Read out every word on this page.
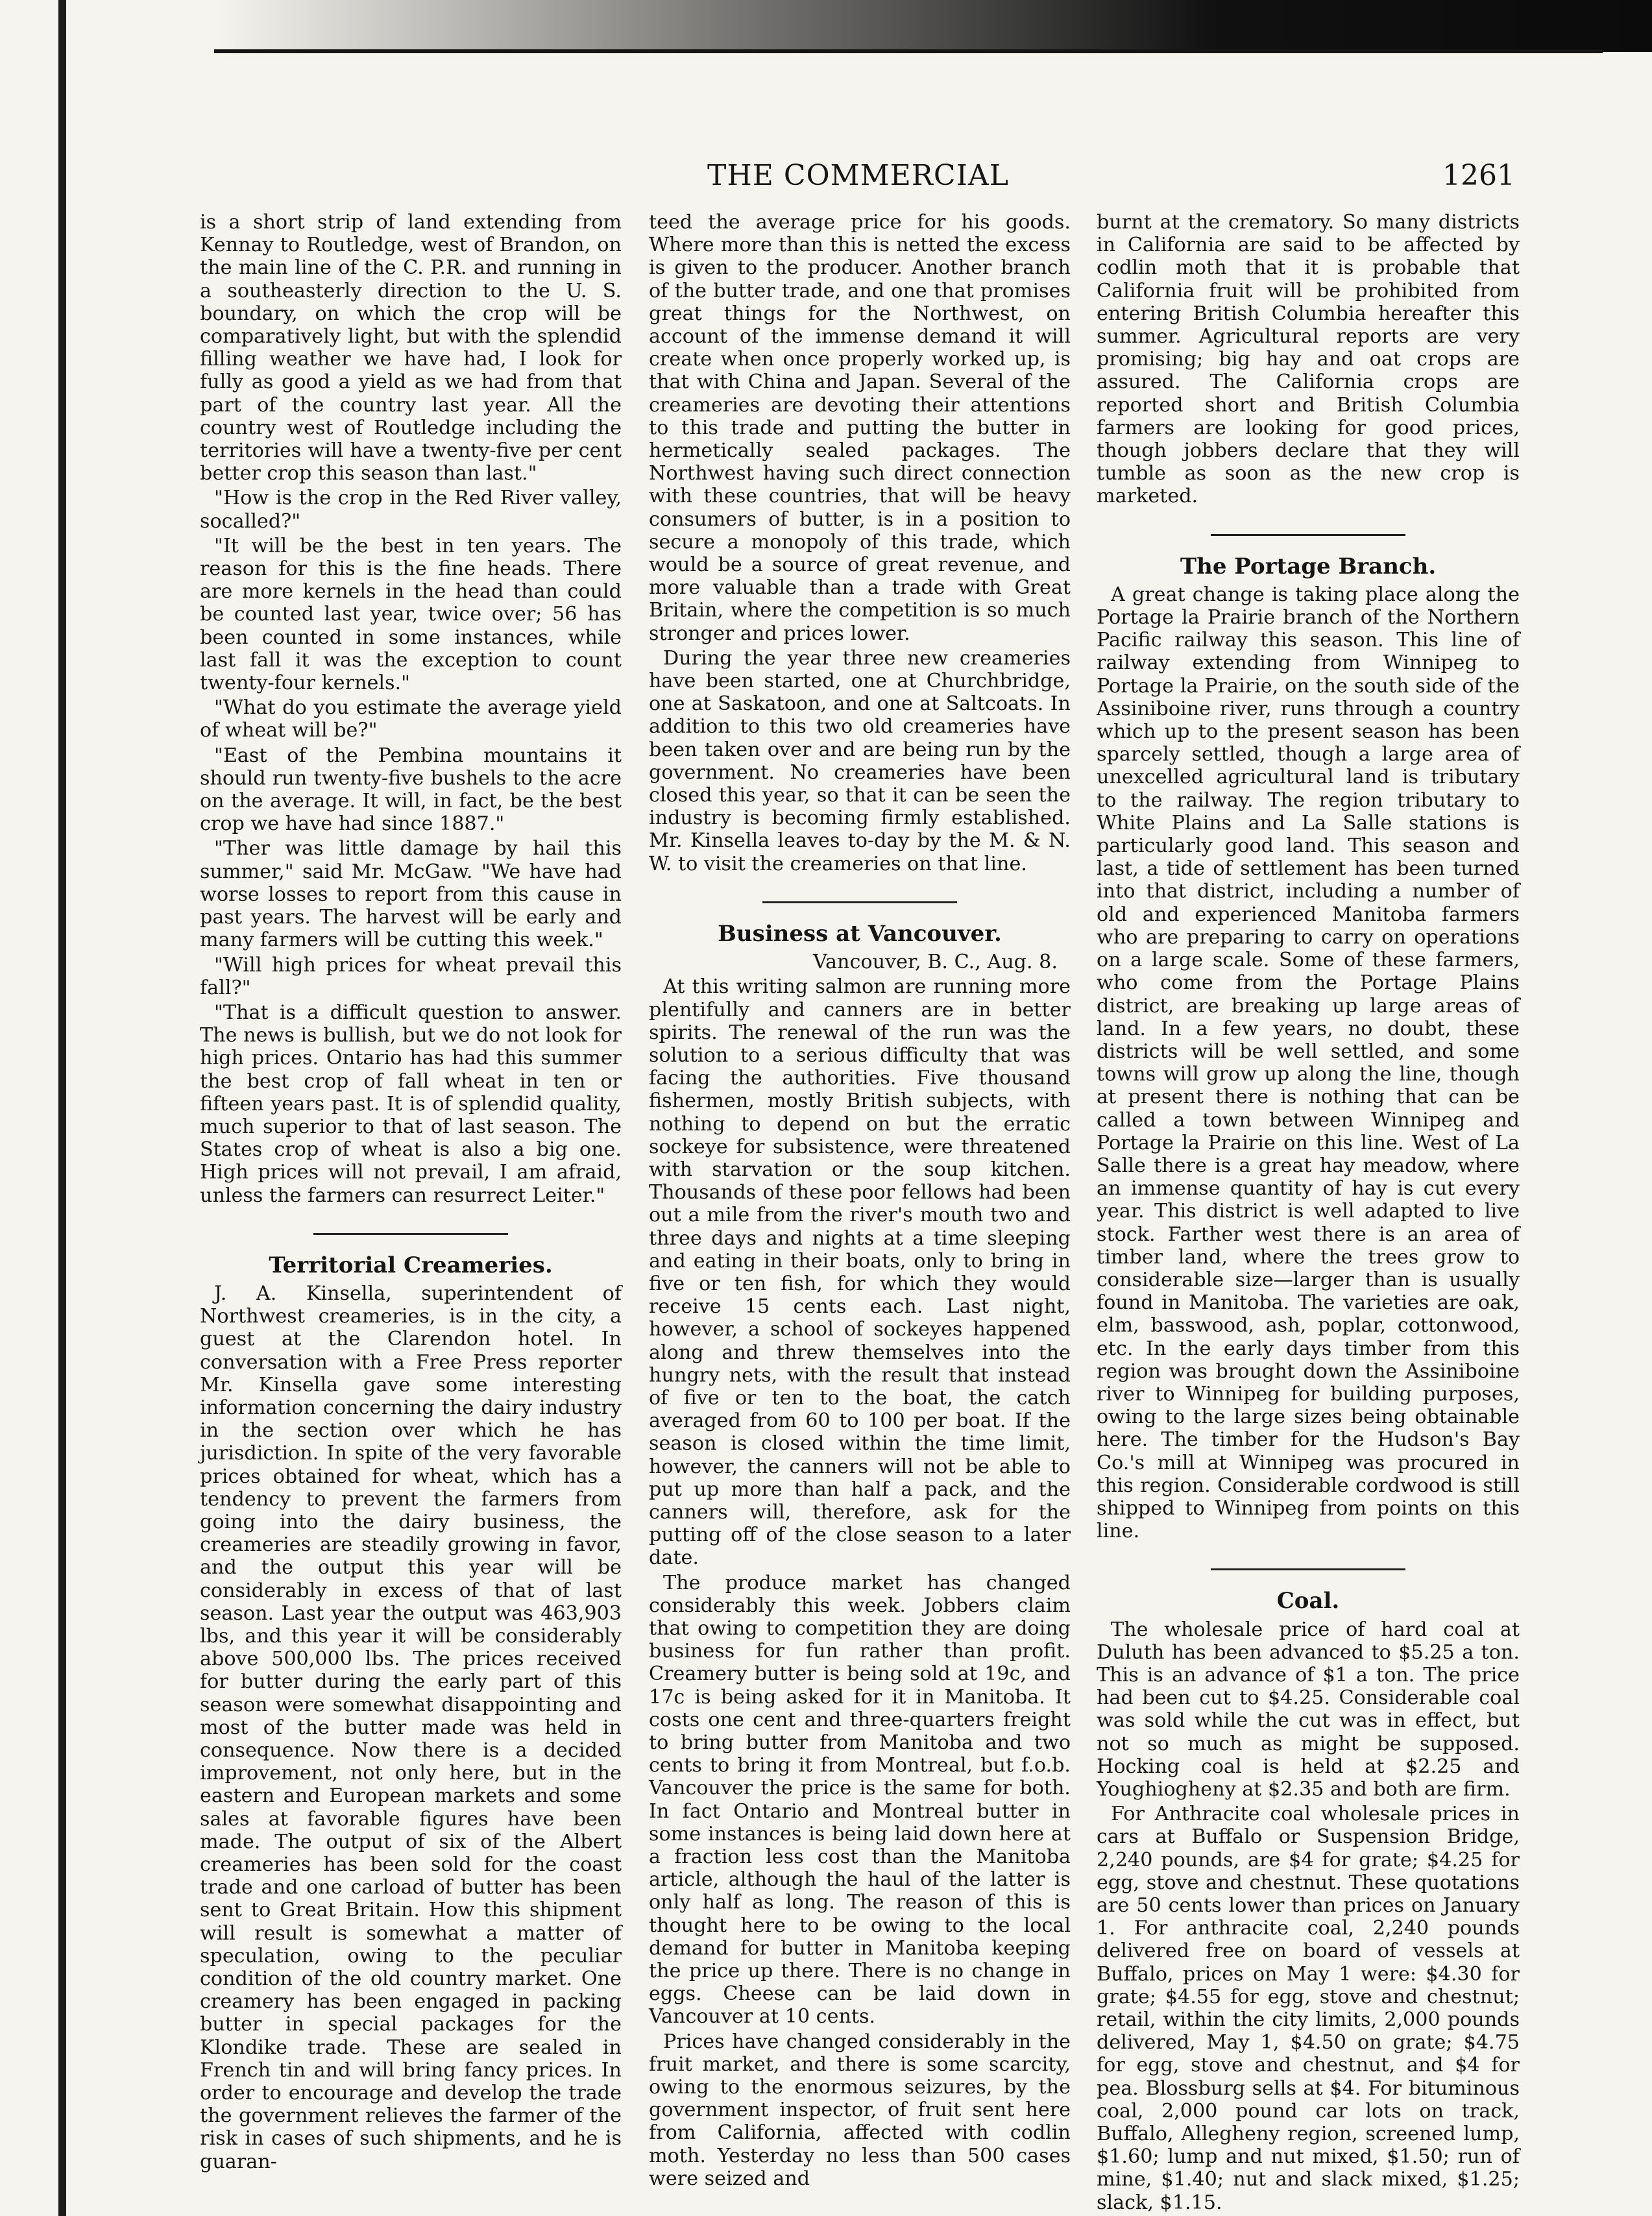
THE COMMERCIAL	1261

is a short strip of land extending from Kennay to Routledge, west of Brandon, on the main line of the C. P.R. and running in a southeasterly direction to the U. S. boundary, on which the crop will be comparatively light, but with the splendid filling weather we have had, I look for fully as good a yield as we had from that part of the country last year. All the country west of Routledge including the territories will have a twenty-five per cent better crop this season than last."

"How is the crop in the Red River valley, socalled?"

"It will be the best in ten years. The reason for this is the fine heads. There are more kernels in the head than could be counted last year, twice over; 56 has been counted in some instances, while last fall it was the exception to count twenty-four kernels."

"What do you estimate the average yield of wheat will be?"

"East of the Pembina mountains it should run twenty-five bushels to the acre on the average. It will, in fact, be the best crop we have had since 1887."

"Ther was little damage by hail this summer," said Mr. McGaw. "We have had worse losses to report from this cause in past years. The harvest will be early and many farmers will be cutting this week."

"Will high prices for wheat prevail this fall?"

"That is a difficult question to answer. The news is bullish, but we do not look for high prices. Ontario has had this summer the best crop of fall wheat in ten or fifteen years past. It is of splendid quality, much superior to that of last season. The States crop of wheat is also a big one. High prices will not prevail, I am afraid, unless the farmers can resurrect Leiter."

Territorial Creameries.

J. A. Kinsella, superintendent of Northwest creameries, is in the city, a guest at the Clarendon hotel. In conversation with a Free Press reporter Mr. Kinsella gave some interesting information concerning the dairy industry in the section over which he has jurisdiction. In spite of the very favorable prices obtained for wheat, which has a tendency to prevent the farmers from going into the dairy business, the creameries are steadily growing in favor, and the output this year will be considerably in excess of that of last season. Last year the output was 463,903 lbs, and this year it will be considerably above 500,000 lbs. The prices received for butter during the early part of this season were somewhat disappointing and most of the butter made was held in consequence. Now there is a decided improvement, not only here, but in the eastern and European markets and some sales at favorable figures have been made. The output of six of the Albert creameries has been sold for the coast trade and one carload of butter has been sent to Great Britain. How this shipment will result is somewhat a matter of speculation, owing to the peculiar condition of the old country market. One creamery has been engaged in packing butter in special packages for the Klondike trade. These are sealed in French tin and will bring fancy prices. In order to encourage and develop the trade the government relieves the farmer of the risk in cases of such shipments, and he is guaran-

teed the average price for his goods. Where more than this is netted the excess is given to the producer. Another branch of the butter trade, and one that promises great things for the Northwest, on account of the immense demand it will create when once properly worked up, is that with China and Japan. Several of the creameries are devoting their attentions to this trade and putting the butter in hermetically sealed packages. The Northwest having such direct connection with these countries, that will be heavy consumers of butter, is in a position to secure a monopoly of this trade, which would be a source of great revenue, and more valuable than a trade with Great Britain, where the competition is so much stronger and prices lower.

During the year three new creameries have been started, one at Churchbridge, one at Saskatoon, and one at Saltcoats. In addition to this two old creameries have been taken over and are being run by the government. No creameries have been closed this year, so that it can be seen the industry is becoming firmly established. Mr. Kinsella leaves to-day by the M. & N. W. to visit the creameries on that line.

Business at Vancouver.

Vancouver, B. C., Aug. 8.

At this writing salmon are running more plentifully and canners are in better spirits. The renewal of the run was the solution to a serious difficulty that was facing the authorities. Five thousand fishermen, mostly British subjects, with nothing to depend on but the erratic sockeye for subsistence, were threatened with starvation or the soup kitchen. Thousands of these poor fellows had been out a mile from the river's mouth two and three days and nights at a time sleeping and eating in their boats, only to bring in five or ten fish, for which they would receive 15 cents each. Last night, however, a school of sockeyes happened along and threw themselves into the hungry nets, with the result that instead of five or ten to the boat, the catch averaged from 60 to 100 per boat. If the season is closed within the time limit, however, the canners will not be able to put up more than half a pack, and the canners will, therefore, ask for the putting off of the close season to a later date.

The produce market has changed considerably this week. Jobbers claim that owing to competition they are doing business for fun rather than profit. Creamery butter is being sold at 19c, and 17c is being asked for it in Manitoba. It costs one cent and three-quarters freight to bring butter from Manitoba and two cents to bring it from Montreal, but f.o.b. Vancouver the price is the same for both. In fact Ontario and Montreal butter in some instances is being laid down here at a fraction less cost than the Manitoba article, although the haul of the latter is only half as long. The reason of this is thought here to be owing to the local demand for butter in Manitoba keeping the price up there. There is no change in eggs. Cheese can be laid down in Vancouver at 10 cents.

Prices have changed considerably in the fruit market, and there is some scarcity, owing to the enormous seizures, by the government inspector, of fruit sent here from California, affected with codlin moth. Yesterday no less than 500 cases were seized and

burnt at the crematory. So many districts in California are said to be affected by codlin moth that it is probable that California fruit will be prohibited from entering British Columbia hereafter this summer. Agricultural reports are very promising; big hay and oat crops are assured. The California crops are reported short and British Columbia farmers are looking for good prices, though jobbers declare that they will tumble as soon as the new crop is marketed.

The Portage Branch.

A great change is taking place along the Portage la Prairie branch of the Northern Pacific railway this season. This line of railway extending from Winnipeg to Portage la Prairie, on the south side of the Assiniboine river, runs through a country which up to the present season has been sparcely settled, though a large area of unexcelled agricultural land is tributary to the railway. The region tributary to White Plains and La Salle stations is particularly good land. This season and last, a tide of settlement has been turned into that district, including a number of old and experienced Manitoba farmers who are preparing to carry on operations on a large scale. Some of these farmers, who come from the Portage Plains district, are breaking up large areas of land. In a few years, no doubt, these districts will be well settled, and some towns will grow up along the line, though at present there is nothing that can be called a town between Winnipeg and Portage la Prairie on this line. West of La Salle there is a great hay meadow, where an immense quantity of hay is cut every year. This district is well adapted to live stock. Farther west there is an area of timber land, where the trees grow to considerable size—larger than is usually found in Manitoba. The varieties are oak, elm, basswood, ash, poplar, cottonwood, etc. In the early days timber from this region was brought down the Assiniboine river to Winnipeg for building purposes, owing to the large sizes being obtainable here. The timber for the Hudson's Bay Co.'s mill at Winnipeg was procured in this region. Considerable cordwood is still shipped to Winnipeg from points on this line.

Coal.

The wholesale price of hard coal at Duluth has been advanced to $5.25 a ton. This is an advance of $1 a ton. The price had been cut to $4.25. Considerable coal was sold while the cut was in effect, but not so much as might be supposed. Hocking coal is held at $2.25 and Youghiogheny at $2.35 and both are firm.

For Anthracite coal wholesale prices in cars at Buffalo or Suspension Bridge, 2,240 pounds, are $4 for grate; $4.25 for egg, stove and chestnut. These quotations are 50 cents lower than prices on January 1. For anthracite coal, 2,240 pounds delivered free on board of vessels at Buffalo, prices on May 1 were: $4.30 for grate; $4.55 for egg, stove and chestnut; retail, within the city limits, 2,000 pounds delivered, May 1, $4.50 on grate; $4.75 for egg, stove and chestnut, and $4 for pea. Blossburg sells at $4. For bituminous coal, 2,000 pound car lots on track, Buffalo, Allegheny region, screened lump, $1.60; lump and nut mixed, $1.50; run of mine, $1.40; nut and slack mixed, $1.25; slack, $1.15.
